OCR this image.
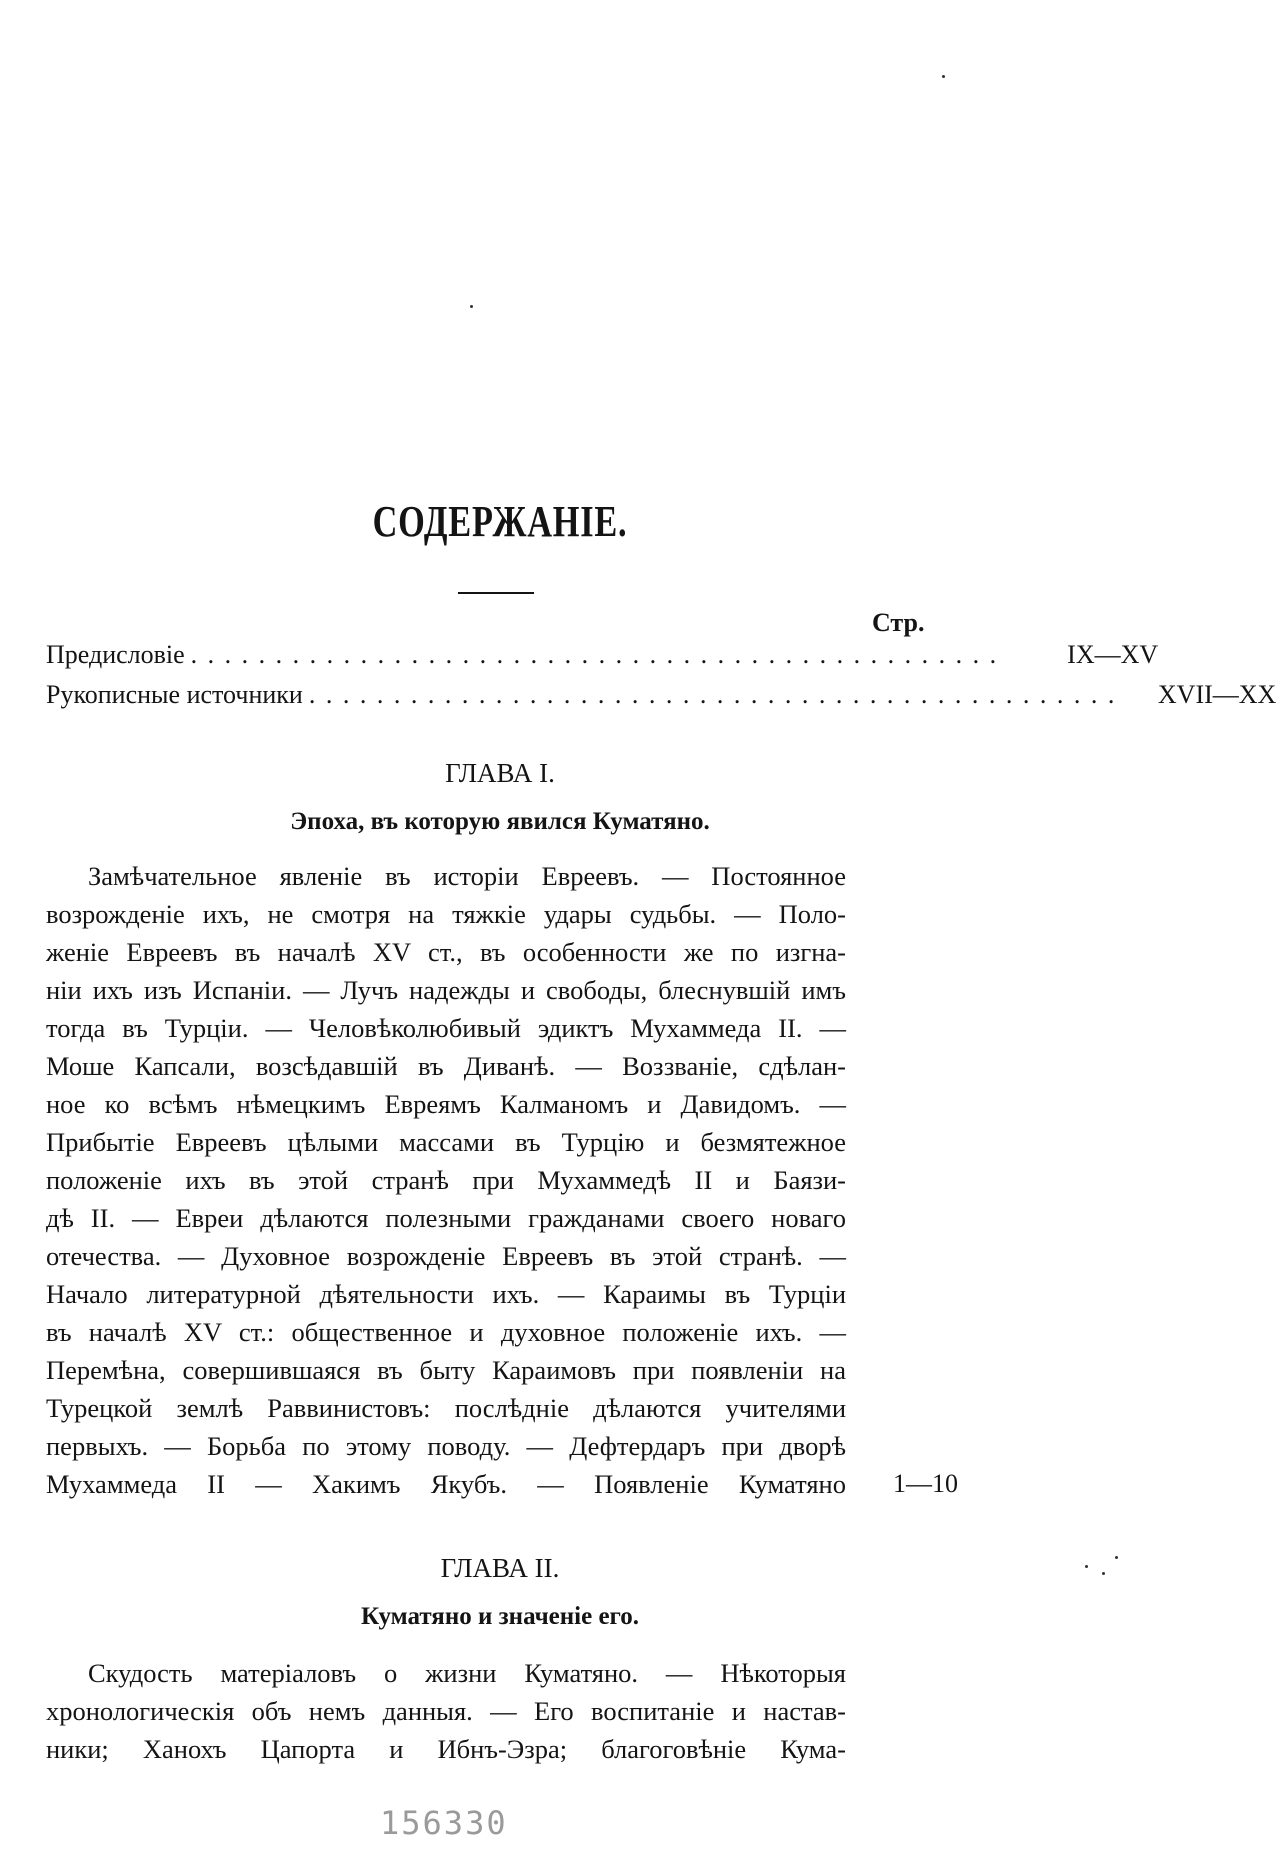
СОДЕРЖАНІЕ.
Стр.
Предисловіе . . . . . . . . . . . . . . . . . . . . . . . . . . . . . . . . . . . . . . . . . . . . . . . .	IX—XV
Рукописные источники . . . . . . . . . . . . . . . . . . . . . . . . . . . . . . . . . . . . . . . . . . . . . . . .	XVII—XX
ГЛАВА I.
Эпоха, въ которую явился Куматяно.
Замѣчательное явленіе въ исторіи Евреевъ. — Постоянное
возрожденіе ихъ, не смотря на тяжкіе удары судьбы. — Поло-
женіе Евреевъ въ началѣ XV ст., въ особенности же по изгна-
ніи ихъ изъ Испаніи. — Лучъ надежды и свободы, блеснувшій имъ
тогда въ Турціи. — Человѣколюбивый эдиктъ Мухаммеда II. —
Моше Капсали, возсѣдавшій въ Диванѣ. — Воззваніе, сдѣлан-
ное ко всѣмъ нѣмецкимъ Евреямъ Калманомъ и Давидомъ. —
Прибытіе Евреевъ цѣлыми массами въ Турцію и безмятежное
положеніе ихъ въ этой странѣ при Мухаммедѣ II и Баязи-
дѣ II. — Евреи дѣлаются полезными гражданами своего новаго
отечества. — Духовное возрожденіе Евреевъ въ этой странѣ. —
Начало литературной дѣятельности ихъ. — Караимы въ Турціи
въ началѣ XV ст.: общественное и духовное положеніе ихъ. —
Перемѣна, совершившаяся въ быту Караимовъ при появленіи на
Турецкой землѣ Раввинистовъ: послѣдніе дѣлаются учителями
первыхъ. — Борьба по этому поводу. — Дефтердаръ при дворѣ
Мухаммеда II — Хакимъ Якубъ. — Появленіе Куматяно	1—10
ГЛАВА II.
Куматяно и значеніе его.
Скудость матеріаловъ о жизни Куматяно. — Нѣкоторыя
хронологическія объ немъ данныя. — Его воспитаніе и настав-
ники; Ханохъ Цапорта и Ибнъ-Эзра; благоговѣніе Кума-
156330
